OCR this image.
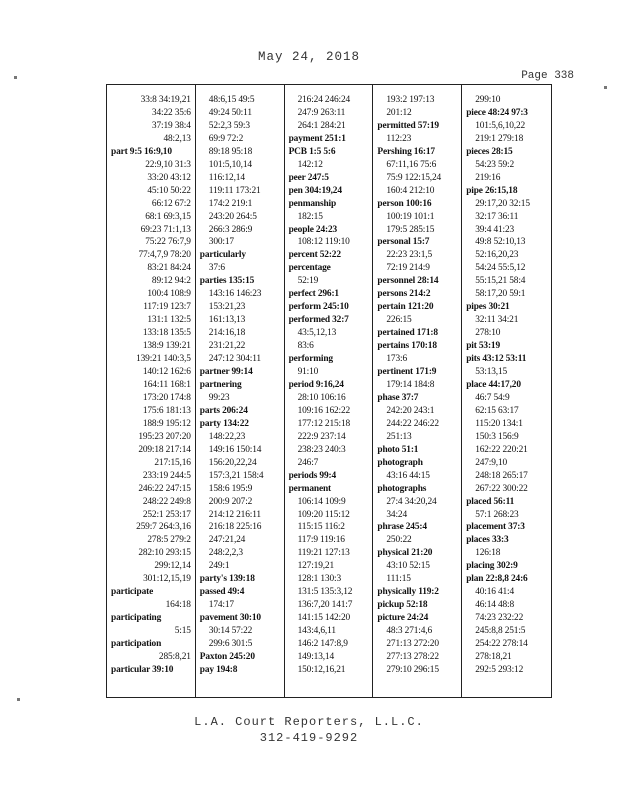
May 24, 2018
Page 338
33:8 34:19,21
34:22 35:6
37:19 38:4
48:2,13
part 9:5 16:9,10
22:9,10 31:3
33:20 43:12
45:10 50:22
66:12 67:2
68:1 69:3,15
69:23 71:1,13
75:22 76:7,9
77:4,7,9 78:20
83:21 84:24
89:12 94:2
100:4 108:9
117:19 123:7
131:1 132:5
133:18 135:5
138:9 139:21
139:21 140:3,5
140:12 162:6
164:11 168:1
173:20 174:8
175:6 181:13
188:9 195:12
195:23 207:20
209:18 217:14
217:15,16
233:19 244:5
246:22 247:15
248:22 249:8
252:1 253:17
259:7 264:3,16
278:5 279:2
282:10 293:15
299:12,14
301:12,15,19
participate
164:18
participating
5:15
participation
285:8,21
particular 39:10
48:6,15 49:5
49:24 50:11
52:2,3 59:3
69:9 72:2
89:18 95:18
101:5,10,14
116:12,14
119:11 173:21
174:2 219:1
243:20 264:5
266:3 286:9
300:17
particularly
37:6
parties 135:15
143:16 146:23
153:21,23
161:13,13
214:16,18
231:21,22
247:12 304:11
partner 99:14
partnering
99:23
parts 206:24
party 134:22
148:22,23
149:16 150:14
156:20,22,24
157:3,21 158:4
158:6 195:9
200:9 207:2
214:12 216:11
216:18 225:16
247:21,24
248:2,2,3
249:1
party's 139:18
passed 49:4
174:17
pavement 30:10
30:14 57:22
299:6 301:5
Paxton 245:20
pay 194:8
216:24 246:24
247:9 263:11
264:1 284:21
payment 251:1
PCB 1:5 5:6
142:12
peer 247:5
pen 304:19,24
penmanship
182:15
people 24:23
108:12 119:10
percent 52:22
percentage
52:19
perfect 296:1
perform 245:10
performed 32:7
43:5,12,13
83:6
performing
91:10
period 9:16,24
28:10 106:16
109:16 162:22
177:12 215:18
222:9 237:14
238:23 240:3
246:7
periods 99:4
permanent
106:14 109:9
109:20 115:12
115:15 116:2
117:9 119:16
119:21 127:13
127:19,21
128:1 130:3
131:5 135:3,12
136:7,20 141:7
141:15 142:20
143:4,6,11
146:2 147:8,9
149:13,14
150:12,16,21
193:2 197:13
201:12
permitted 57:19
112:23
Pershing 16:17
67:11,16 75:6
75:9 122:15,24
160:4 212:10
person 100:16
100:19 101:1
179:5 285:15
personal 15:7
22:23 23:1,5
72:19 214:9
personnel 28:14
persons 214:2
pertain 121:20
226:15
pertained 171:8
pertains 170:18
173:6
pertinent 171:9
179:14 184:8
phase 37:7
242:20 243:1
244:22 246:22
251:13
photo 51:1
photograph
43:16 44:15
photographs
27:4 34:20,24
34:24
phrase 245:4
250:22
physical 21:20
43:10 52:15
111:15
physically 119:2
pickup 52:18
picture 24:24
48:3 271:4,6
271:13 272:20
277:13 278:22
279:10 296:15
299:10
piece 48:24 97:3
101:5,6,10,22
219:1 279:18
pieces 28:15
54:23 59:2
219:16
pipe 26:15,18
29:17,20 32:15
32:17 36:11
39:4 41:23
49:8 52:10,13
52:16,20,23
54:24 55:5,12
55:15,21 58:4
58:17,20 59:1
pipes 30:21
32:11 34:21
278:10
pit 53:19
pits 43:12 53:11
53:13,15
place 44:17,20
46:7 54:9
62:15 63:17
115:20 134:1
150:3 156:9
162:22 220:21
247:9,10
248:18 265:17
267:22 300:22
placed 56:11
57:1 268:23
placement 37:3
places 33:3
126:18
placing 302:9
plan 22:8,8 24:6
40:16 41:4
46:14 48:8
74:23 232:22
245:8,8 251:5
254:22 278:14
278:18,21
292:5 293:12
L.A. Court Reporters, L.L.C.
312-419-9292
